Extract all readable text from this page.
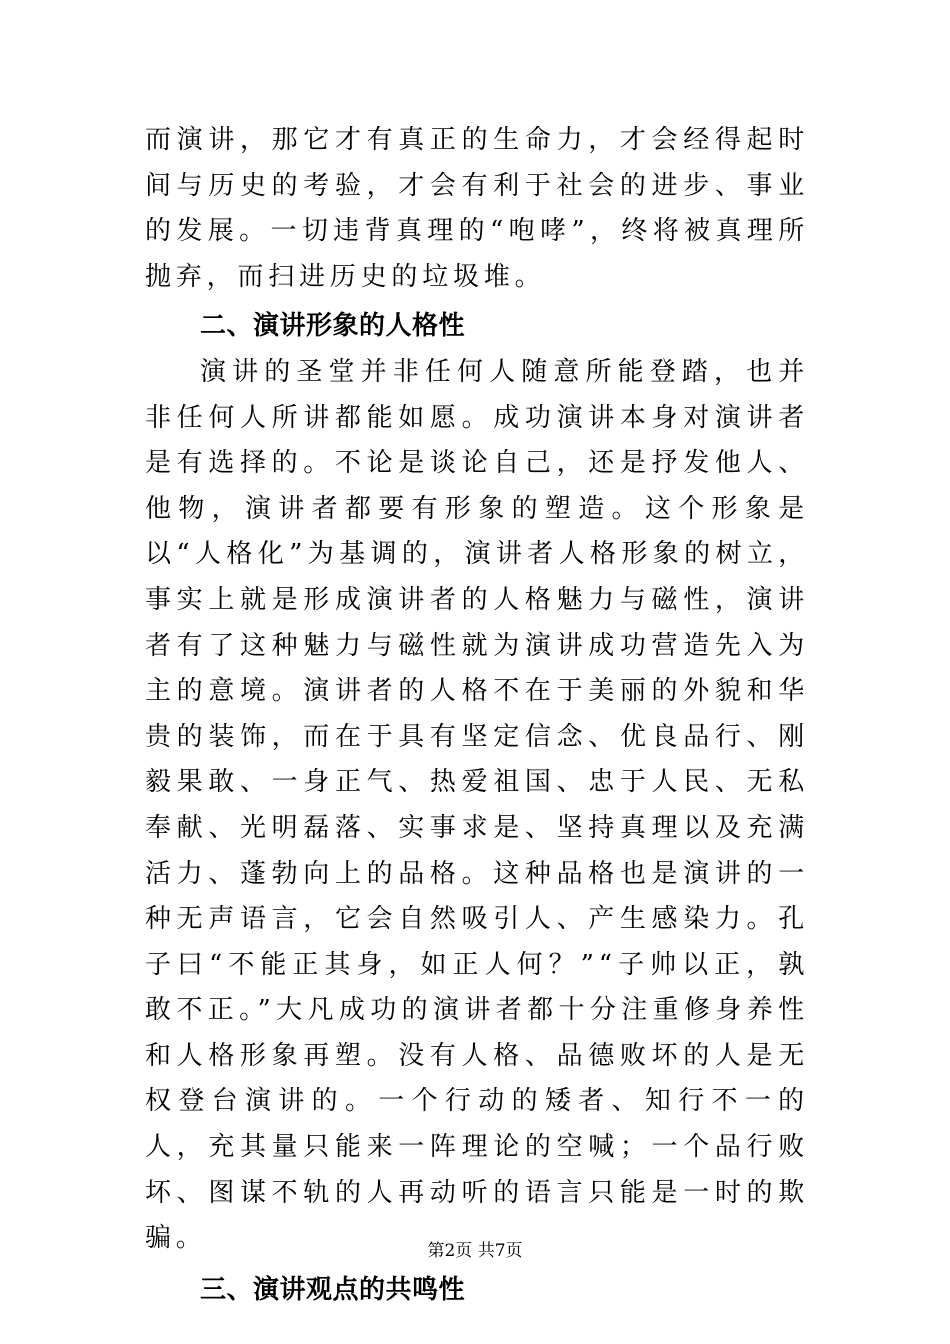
而演讲，那它才有真正的生命力，才会经得起时间与历史的考验，才会有利于社会的进步、事业的发展。一切违背真理的“咆哮”，终将被真理所抛弃，而扫进历史的垃圾堆。

二、演讲形象的人格性

演讲的圣堂并非任何人随意所能登踏，也并非任何人所讲都能如愿。成功演讲本身对演讲者是有选择的。不论是谈论自己，还是抒发他人、他物，演讲者都要有形象的塑造。这个形象是以“人格化”为基调的，演讲者人格形象的树立，事实上就是形成演讲者的人格魅力与磁性，演讲者有了这种魅力与磁性就为演讲成功营造先入为主的意境。演讲者的人格不在于美丽的外貌和华贵的装饰，而在于具有坚定信念、优良品行、刚毅果敢、一身正气、热爱祖国、忠于人民、无私奉献、光明磊落、实事求是、坚持真理以及充满活力、蓬勃向上的品格。这种品格也是演讲的一种无声语言，它会自然吸引人、产生感染力。孔子曰“不能正其身，如正人何？”“子帅以正，孰敢不正。”大凡成功的演讲者都十分注重修身养性和人格形象再塑。没有人格、品德败坏的人是无权登台演讲的。一个行动的矮者、知行不一的人，充其量只能来一阵理论的空喊；一个品行败坏、图谋不轨的人再动听的语言只能是一时的欺骗。

三、演讲观点的共鸣性
第2页 共7页
